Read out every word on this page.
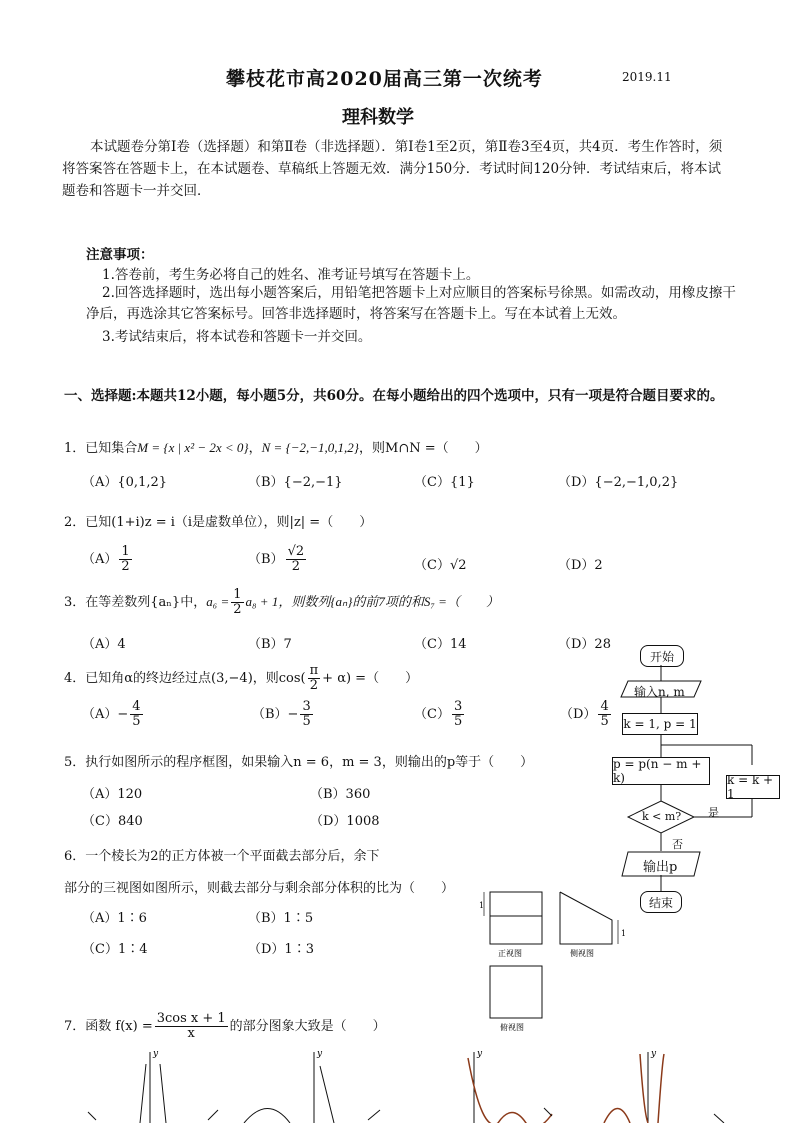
攀枝花市高2020届高三第一次统考	2019.11
理科数学
本试题卷分第Ⅰ卷（选择题）和第Ⅱ卷（非选择题）．第Ⅰ卷1至2页，第Ⅱ卷3至4页，共4页．考生作答时，须将答案答在答题卡上，在本试题卷、草稿纸上答题无效．满分150分．考试时间120分钟．考试结束后，将本试题卷和答题卡一并交回．
注意事项：
1.答卷前，考生务必将自己的姓名、准考证号填写在答题卡上。
2.回答选择题时，选出每小题答案后，用铅笔把答题卡上对应顺目的答案标号徐黑。如需改动，用橡皮擦干净后，再选涂其它答案标号。回答非选择题时，将答案写在答题卡上。写在本试着上无效。
3.考试结束后，将本试卷和答题卡一并交回。
一、选择题:本题共12小题，每小题5分，共60分。在每小题给出的四个选项中，只有一项是符合题目要求的。
1．已知集合M = {x | x² − 2x < 0}，N = {−2,−1,0,1,2}，则M∩N =（　　）
（A）{0,1,2}	（B）{−2,−1}	（C）{1}	（D）{−2,−1,0,2}
2．已知(1+i)z = i（i是虚数单位），则|z| =（　　）
$(A) \frac{1}{2}$	$(B) \frac{√2}{2}$	（C）√2	（D）2
3．在等差数列{aₙ}中，$a_6 = \frac{1}{2} a_8 + 1$，则数列{aₙ}的前7项的和S₇ =（　　）
（A）4	（B）7	（C）14	（D）28
4．已知角α的终边经过点(3,−4)，则$\cos( \frac{\pi}{2} + \alpha)$ =（　　）
$(A)- \frac{4}{5}$	$(B)- \frac{3}{5}$	$(C) \frac{3}{5}$	$(D) \frac{4}{5}$
5．执行如图所示的程序框图，如果输入n = 6，m = 3，则输出的p等于（　　）
（A）120	（B）360
（C）840	（D）1008
6．一个棱长为2的正方体被一个平面截去部分后，余下
部分的三视图如图所示，则截去部分与剩余部分体积的比为（　　）
（A）1∶6	（B）1∶5
（C）1∶4	（D）1∶3
1
正视图
1
侧视图
俯视图
7．函数 $f(x) = \frac{\text{3cos x + 1}}{x}$ 的部分图象大致是（　　）
y	y	y	y
开始
输入n, m
k = 1, p = 1
p = p(n − m + k)	k = k + 1
k < m? 是
否
输出p
结束
